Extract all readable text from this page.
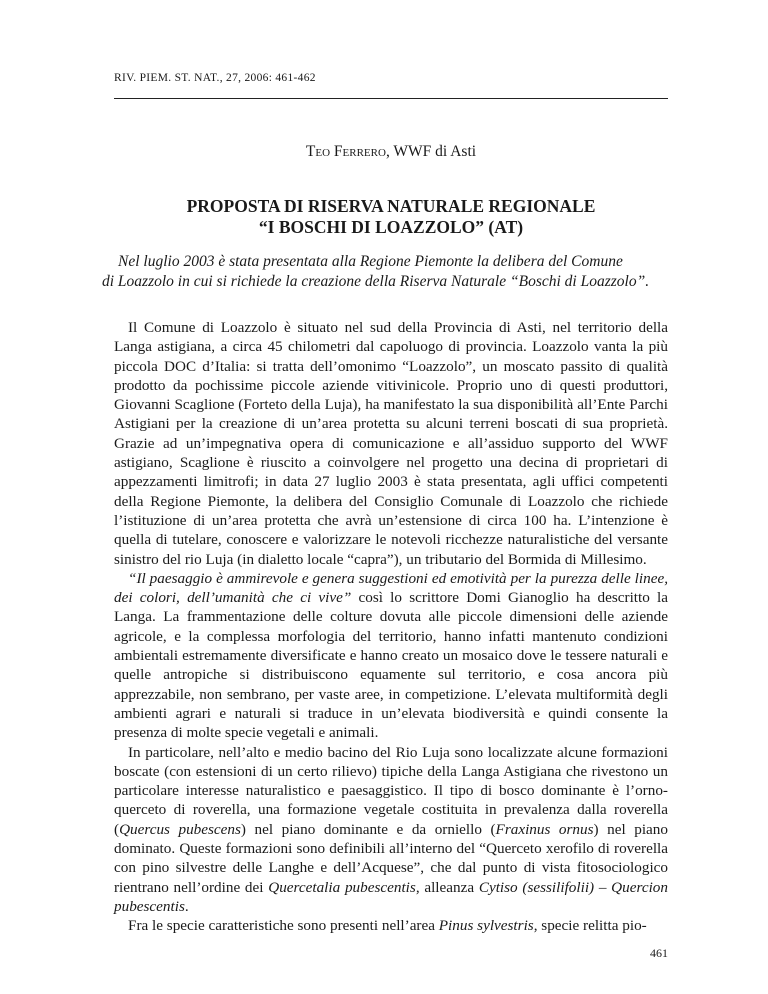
RIV. PIEM. ST. NAT., 27, 2006: 461-462
Teo Ferrero, WWF di Asti
PROPOSTA DI RISERVA NATURALE REGIONALE
“I BOSCHI DI LOAZZOLO” (AT)
Nel luglio 2003 è stata presentata alla Regione Piemonte la delibera del Comune
di Loazzolo in cui si richiede la creazione della Riserva Naturale “Boschi di Loazzolo”.

Il Comune di Loazzolo è situato nel sud della Provincia di Asti, nel territorio della Langa astigiana, a circa 45 chilometri dal capoluogo di provincia. Loazzolo vanta la più piccola DOC d’Italia: si tratta dell’omonimo “Loazzolo”, un moscato passito di qualità prodotto da pochissime piccole aziende vitivinicole. Proprio uno di questi produttori, Giovanni Scaglione (Forteto della Luja), ha manifestato la sua disponibilità all’Ente Parchi Astigiani per la creazione di un’area protetta su alcuni terreni boscati di sua proprietà. Grazie ad un’impegnativa opera di comunicazione e all’assiduo supporto del WWF astigiano, Scaglione è riuscito a coinvolgere nel progetto una decina di proprietari di appezzamenti limitrofi; in data 27 luglio 2003 è stata presentata, agli uffici competenti della Regione Piemonte, la delibera del Consiglio Comunale di Loazzolo che richiede l’istituzione di un’area protetta che avrà un’estensione di circa 100 ha. L’intenzione è quella di tutelare, conoscere e valorizzare le notevoli ricchezze naturalistiche del versante sinistro del rio Luja (in dialetto locale “capra”), un tributario del Bormida di Millesimo.

“Il paesaggio è ammirevole e genera suggestioni ed emotività per la purezza delle linee, dei colori, dell’umanità che ci vive” così lo scrittore Domi Gianoglio ha descritto la Langa. La frammentazione delle colture dovuta alle piccole dimensioni delle aziende agricole, e la complessa morfologia del territorio, hanno infatti mantenuto condizioni ambientali estremamente diversificate e hanno creato un mosaico dove le tessere naturali e quelle antropiche si distribuiscono equamente sul territorio, e cosa ancora più apprezzabile, non sembrano, per vaste aree, in competizione. L’elevata multiformità degli ambienti agrari e naturali si traduce in un’elevata biodiversità e quindi consente la presenza di molte specie vegetali e animali.

In particolare, nell’alto e medio bacino del Rio Luja sono localizzate alcune formazioni boscate (con estensioni di un certo rilievo) tipiche della Langa Astigiana che rivestono un particolare interesse naturalistico e paesaggistico. Il tipo di bosco dominante è l’orno-querceto di roverella, una formazione vegetale costituita in prevalenza dalla roverella (Quercus pubescens) nel piano dominante e da orniello (Fraxinus ornus) nel piano dominato. Queste formazioni sono definibili all’interno del “Querceto xerofilo di roverella con pino silvestre delle Langhe e dell’Acquese”, che dal punto di vista fitosociologico rientrano nell’ordine dei Quercetalia pubescentis, alleanza Cytiso (sessilifolii) – Quercion pubescentis.

Fra le specie caratteristiche sono presenti nell’area Pinus sylvestris, specie relitta pio-

461
